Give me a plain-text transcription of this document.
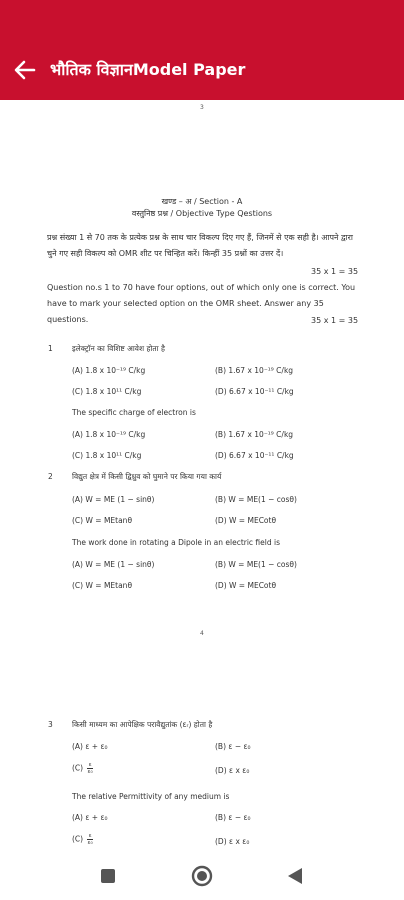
भौतिक विज्ञानModel Paper
3
खण्ड – अ / Section - A
वस्तुनिष्ठ प्रश्न / Objective Type Qestions
प्रश्न संख्या 1 से 70 तक के प्रत्येक प्रश्न के साथ चार विकल्प दिए गए हैं, जिनमें से एक सही है। आपने द्वारा चुने गए सही विकल्प को OMR शीट पर चिन्हित करें। किन्हीं 35 प्रश्नों का उत्तर दें।
35 x 1 = 35
Question no.s 1 to 70 have four options, out of which only one is correct. You have to mark your selected option on the OMR sheet. Answer any 35 questions.	35 x 1 = 35
1	इलेक्ट्रॉन का विशिष्ट आवेश होता है
(A) 1.8 x 10⁻¹⁹ C/kg	(B) 1.67 x 10⁻¹⁹ C/kg
(C) 1.8 x 10¹¹ C/kg	(D) 6.67 x 10⁻¹¹ C/kg
The specific charge of electron is
(A) 1.8 x 10⁻¹⁹ C/kg	(B) 1.67 x 10⁻¹⁹ C/kg
(C) 1.8 x 10¹¹ C/kg	(D) 6.67 x 10⁻¹¹ C/kg
2	विद्युत क्षेत्र में किसी द्विध्रुव को घुमाने पर किया गया कार्य
(A) W = ME (1 − sinθ)	(B) W = ME(1 − cosθ)
(C) W = MEtanθ	(D) W = MECotθ
The work done in rotating a Dipole in an electric field is
(A) W = ME (1 − sinθ)	(B) W = ME(1 − cosθ)
(C) W = MEtanθ	(D) W = MECotθ
4
3	किसी माध्यम का आपेक्षिक परावैद्युतांक (εᵣ) होता है
(A) ε + ε₀	(B) ε − ε₀
$(C) \frac{\varepsilon}{\text{ε₀}}$	(D) ε x ε₀
The relative Permittivity of any medium is
(A) ε + ε₀	(B) ε − ε₀
$(C) \frac{\varepsilon}{\text{ε₀}}$	(D) ε x ε₀
